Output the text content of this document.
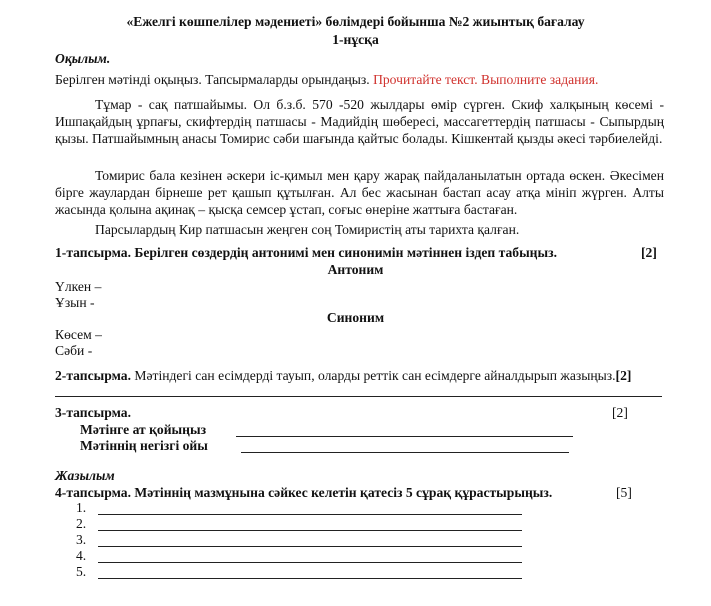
«Ежелгі көшпелілер мәдениеті» бөлімдері бойынша №2 жиынтық бағалау
1-нұсқа
Оқылым.
Берілген мәтінді оқыңыз. Тапсырмаларды орындаңыз. Прочитайте текст. Выполните задания.

Тұмар - сақ патшайымы. Ол б.з.б. 570 -520 жылдары өмір сүрген. Скиф халқының көсемі - Ишпақайдың ұрпағы, скифтердің патшасы - Мадийдің шөбересі, массагеттердің патшасы - Сыпырдың қызы. Патшайымның анасы Томирис сәби шағында қайтыс болады. Кішкентай қызды әкесі тәрбиелейді.

Томирис бала кезінен әскери іс-қимыл мен қару жарақ пайдаланылатын ортада өскен. Әкесімен бірге жаулардан бірнеше рет қашып құтылған. Ал бес жасынан бастап асау атқа мініп жүрген. Алты жасында қолына ақинақ – қысқа семсер ұстап, соғыс өнеріне жаттыға бастаған.

Парсылардың Кир патшасын жеңген соң Томиристің аты тарихта қалған.

1-тапсырма. Берілген сөздердің антонимі мен синонимін мәтіннен іздеп табыңыз.	[2]
Антоним
Үлкен –
Ұзын -
Синоним
Көсем –
Сәби -
2-тапсырма. Мәтіндегі сан есімдерді тауып, оларды реттік сан есімдерге айналдырып жазыңыз.[2]
3-тапсырма.	[2]
Мәтінге ат қойыңыз
Мәтіннің негізгі ойы
Жазылым
4-тапсырма. Мәтіннің мазмұнына сәйкес келетін қатесіз 5 сұрақ құрастырыңыз.	[5]
1.
2.
3.
4.
5.
